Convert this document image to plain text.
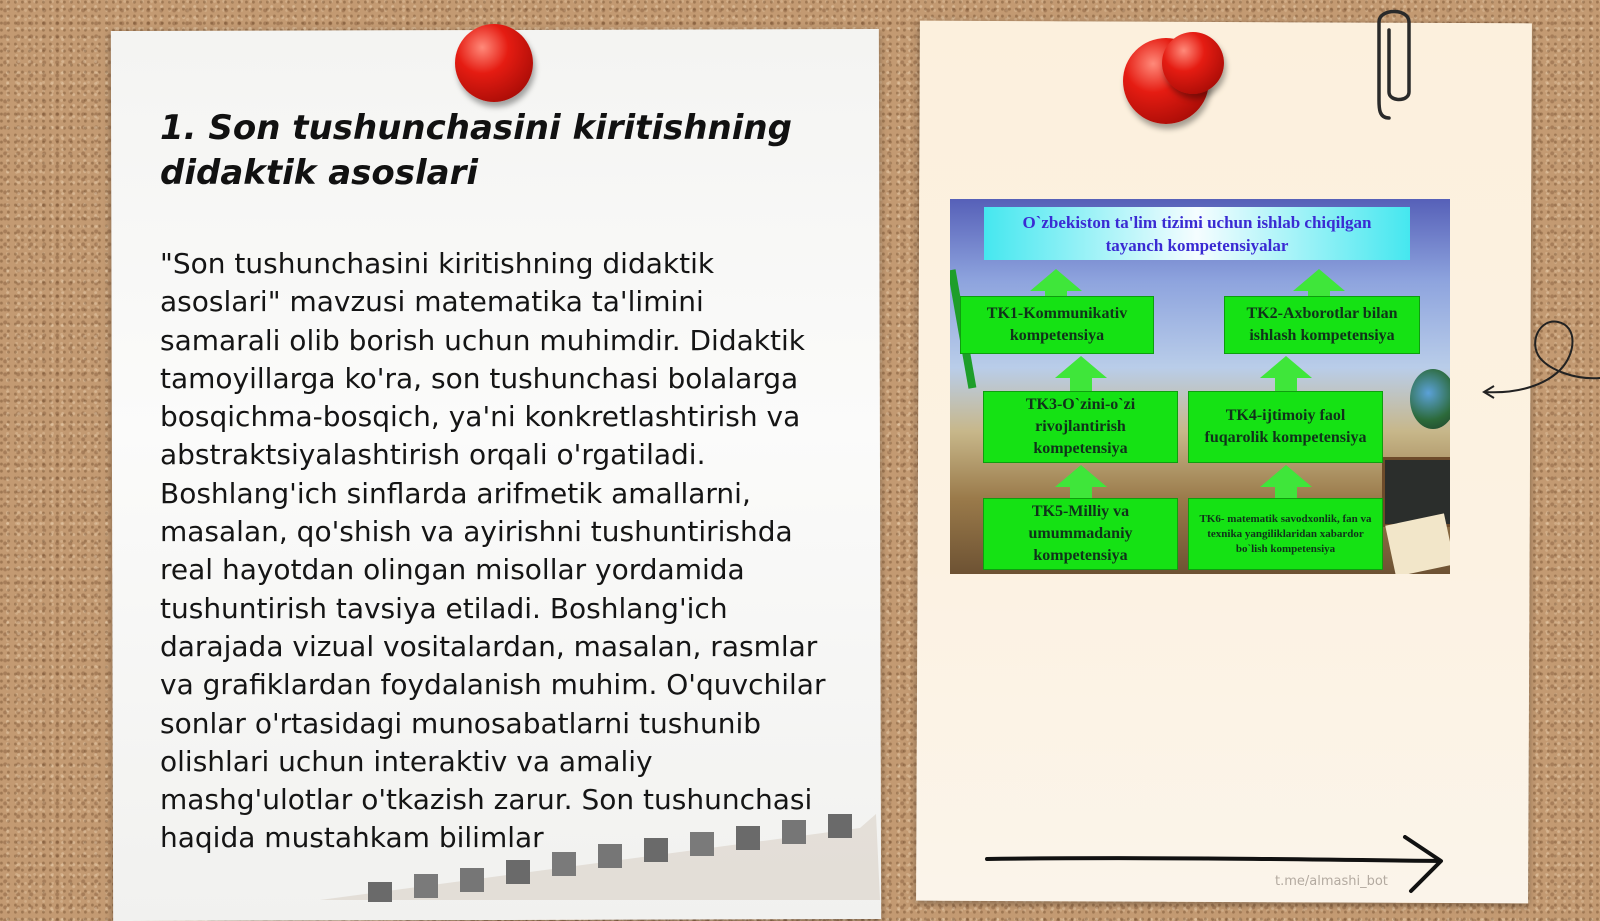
1. Son tushunchasini kiritishning didaktik asoslari

"Son tushunchasini kiritishning didaktik asoslari" mavzusi matematika ta'limini samarali olib borish uchun muhimdir. Didaktik tamoyillarga ko'ra, son tushunchasi bolalarga bosqichma-bosqich, ya'ni konkretlashtirish va abstraktsiyalashtirish orqali o'rgatiladi. Boshlang'ich sinflarda arifmetik amallarni, masalan, qo'shish va ayirishni tushuntirishda real hayotdan olingan misollar yordamida tushuntirish tavsiya etiladi. Boshlang'ich darajada vizual vositalardan, masalan, rasmlar va grafiklardan foydalanish muhim. O'quvchilar sonlar o'rtasidagi munosabatlarni tushunib olishlari uchun interaktiv va amaliy mashg'ulotlar o'tkazish zarur. Son tushunchasi haqida mustahkam bilimlar

O`zbekiston ta'lim tizimi uchun ishlab chiqilgan tayanch kompetensiyalar
TK1-Kommunikativ kompetensiya
TK2-Axborotlar bilan ishlash kompetensiya
TK3-O`zini-o`zi rivojlantirish kompetensiya
TK4-ijtimoiy faol fuqarolik kompetensiya
TK5-Milliy va umummadaniy kompetensiya
TK6- matematik savodxonlik, fan va texnika yangiliklaridan xabardor bo`lish kompetensiya
t.me/almashi_bot
